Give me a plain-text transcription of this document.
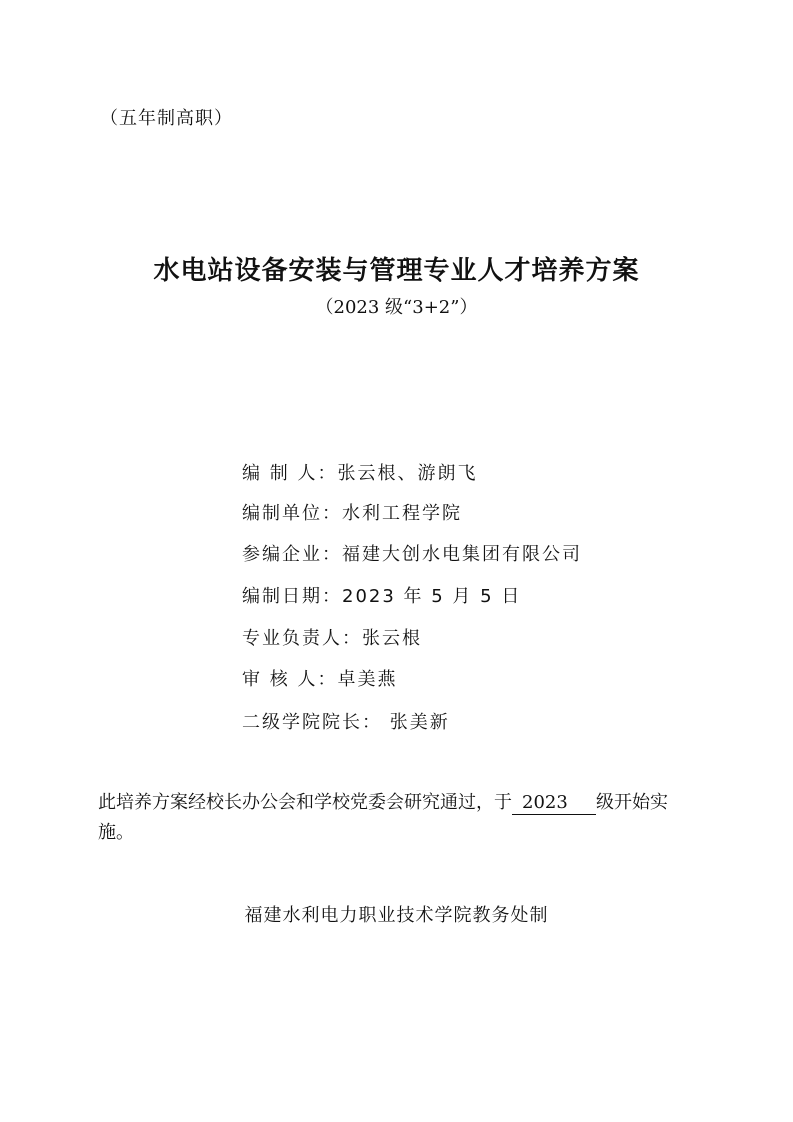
（五年制高职）
水电站设备安装与管理专业人才培养方案
（2023 级“3+2”）
编 制 人：张云根、游朗飞
编制单位：水利工程学院
参编企业：福建大创水电集团有限公司
编制日期：2023 年 5 月 5 日
专业负责人：张云根
审 核 人：卓美燕
二级学院院长： 张美新
此培养方案经校长办公会和学校党委会研究通过，于 2023 级开始实施。
福建水利电力职业技术学院教务处制
